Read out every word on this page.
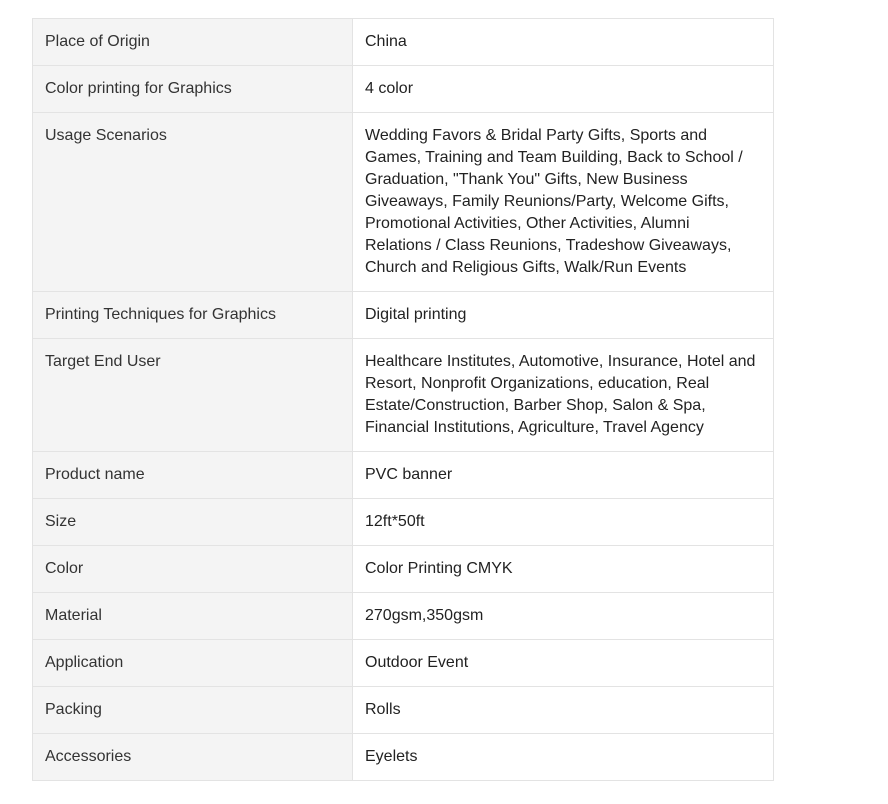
Place of Origin	China
Color printing for Graphics	4 color
Usage Scenarios	Wedding Favors & Bridal Party Gifts, Sports and Games, Training and Team Building, Back to School / Graduation, "Thank You" Gifts, New Business Giveaways, Family Reunions/Party, Welcome Gifts, Promotional Activities, Other Activities, Alumni Relations / Class Reunions, Tradeshow Giveaways, Church and Religious Gifts, Walk/Run Events
Printing Techniques for Graphics	Digital printing
Target End User	Healthcare Institutes, Automotive, Insurance, Hotel and Resort, Nonprofit Organizations, education, Real Estate/Construction, Barber Shop, Salon & Spa, Financial Institutions, Agriculture, Travel Agency
Product name	PVC banner
Size	12ft*50ft
Color	Color Printing CMYK
Material	270gsm,350gsm
Application	Outdoor Event
Packing	Rolls
Accessories	Eyelets
